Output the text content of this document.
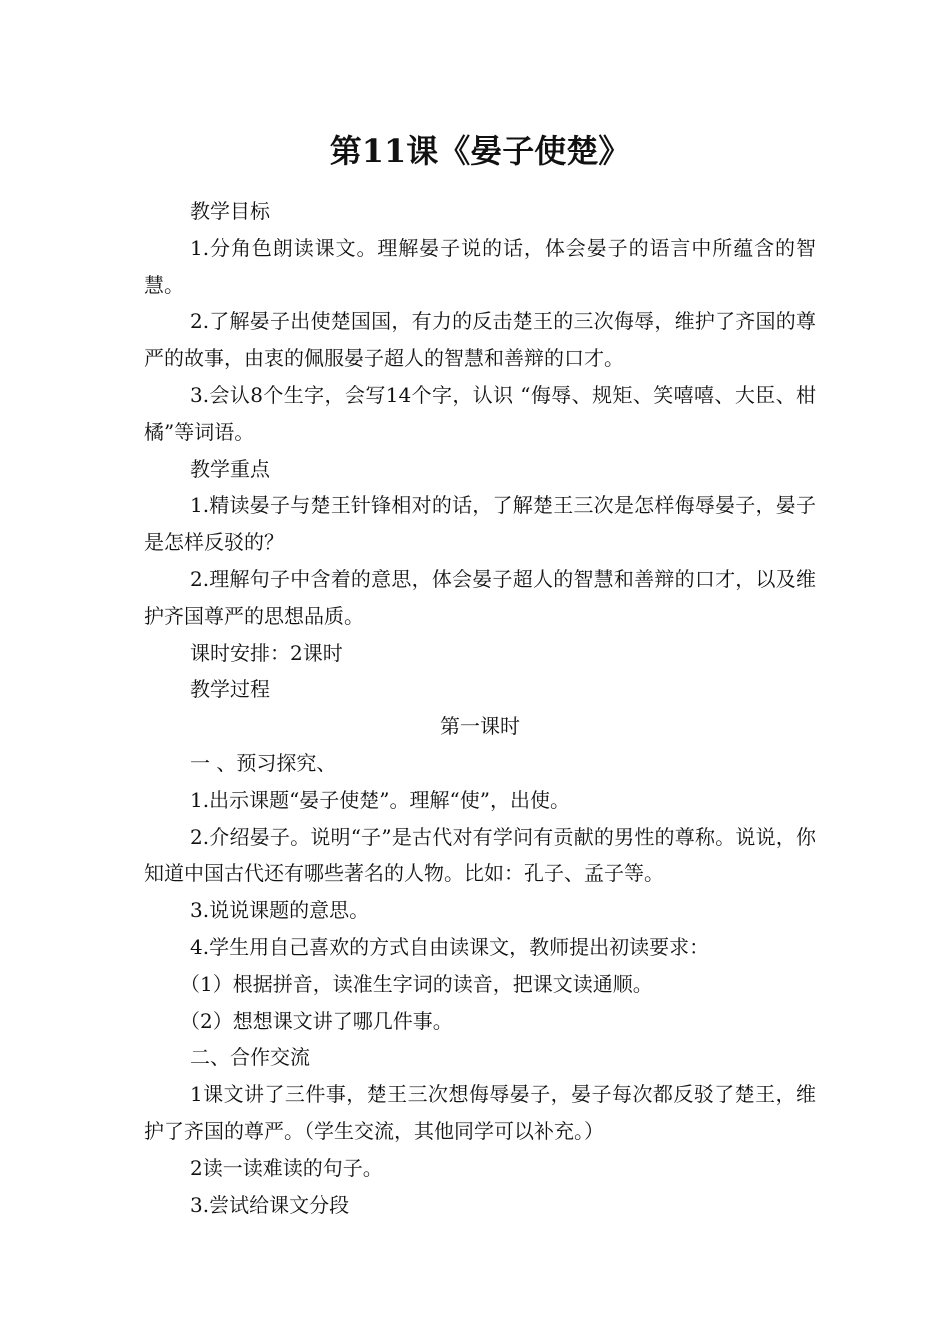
第11课《晏子使楚》

教学目标

1.分角色朗读课文。理解晏子说的话，体会晏子的语言中所蕴含的智慧。

2.了解晏子出使楚国国，有力的反击楚王的三次侮辱，维护了齐国的尊严的故事，由衷的佩服晏子超人的智慧和善辩的口才。

3.会认8个生字，会写14个字，认识 “侮辱、规矩、笑嘻嘻、大臣、柑橘”等词语。

教学重点

1.精读晏子与楚王针锋相对的话，了解楚王三次是怎样侮辱晏子，晏子是怎样反驳的？

2.理解句子中含着的意思，体会晏子超人的智慧和善辩的口才，以及维护齐国尊严的思想品质。

课时安排：2课时

教学过程

第一课时

一 、预习探究、

1.出示课题“晏子使楚”。理解“使”，出使。

2.介绍晏子。说明“子”是古代对有学问有贡献的男性的尊称。说说，你知道中国古代还有哪些著名的人物。比如：孔子、孟子等。

3.说说课题的意思。

4.学生用自己喜欢的方式自由读课文，教师提出初读要求：

（1）根据拼音，读准生字词的读音，把课文读通顺。

（2）想想课文讲了哪几件事。

二、合作交流

1课文讲了三件事，楚王三次想侮辱晏子，晏子每次都反驳了楚王，维护了齐国的尊严。（学生交流，其他同学可以补充。）

2读一读难读的句子。

3.尝试给课文分段
